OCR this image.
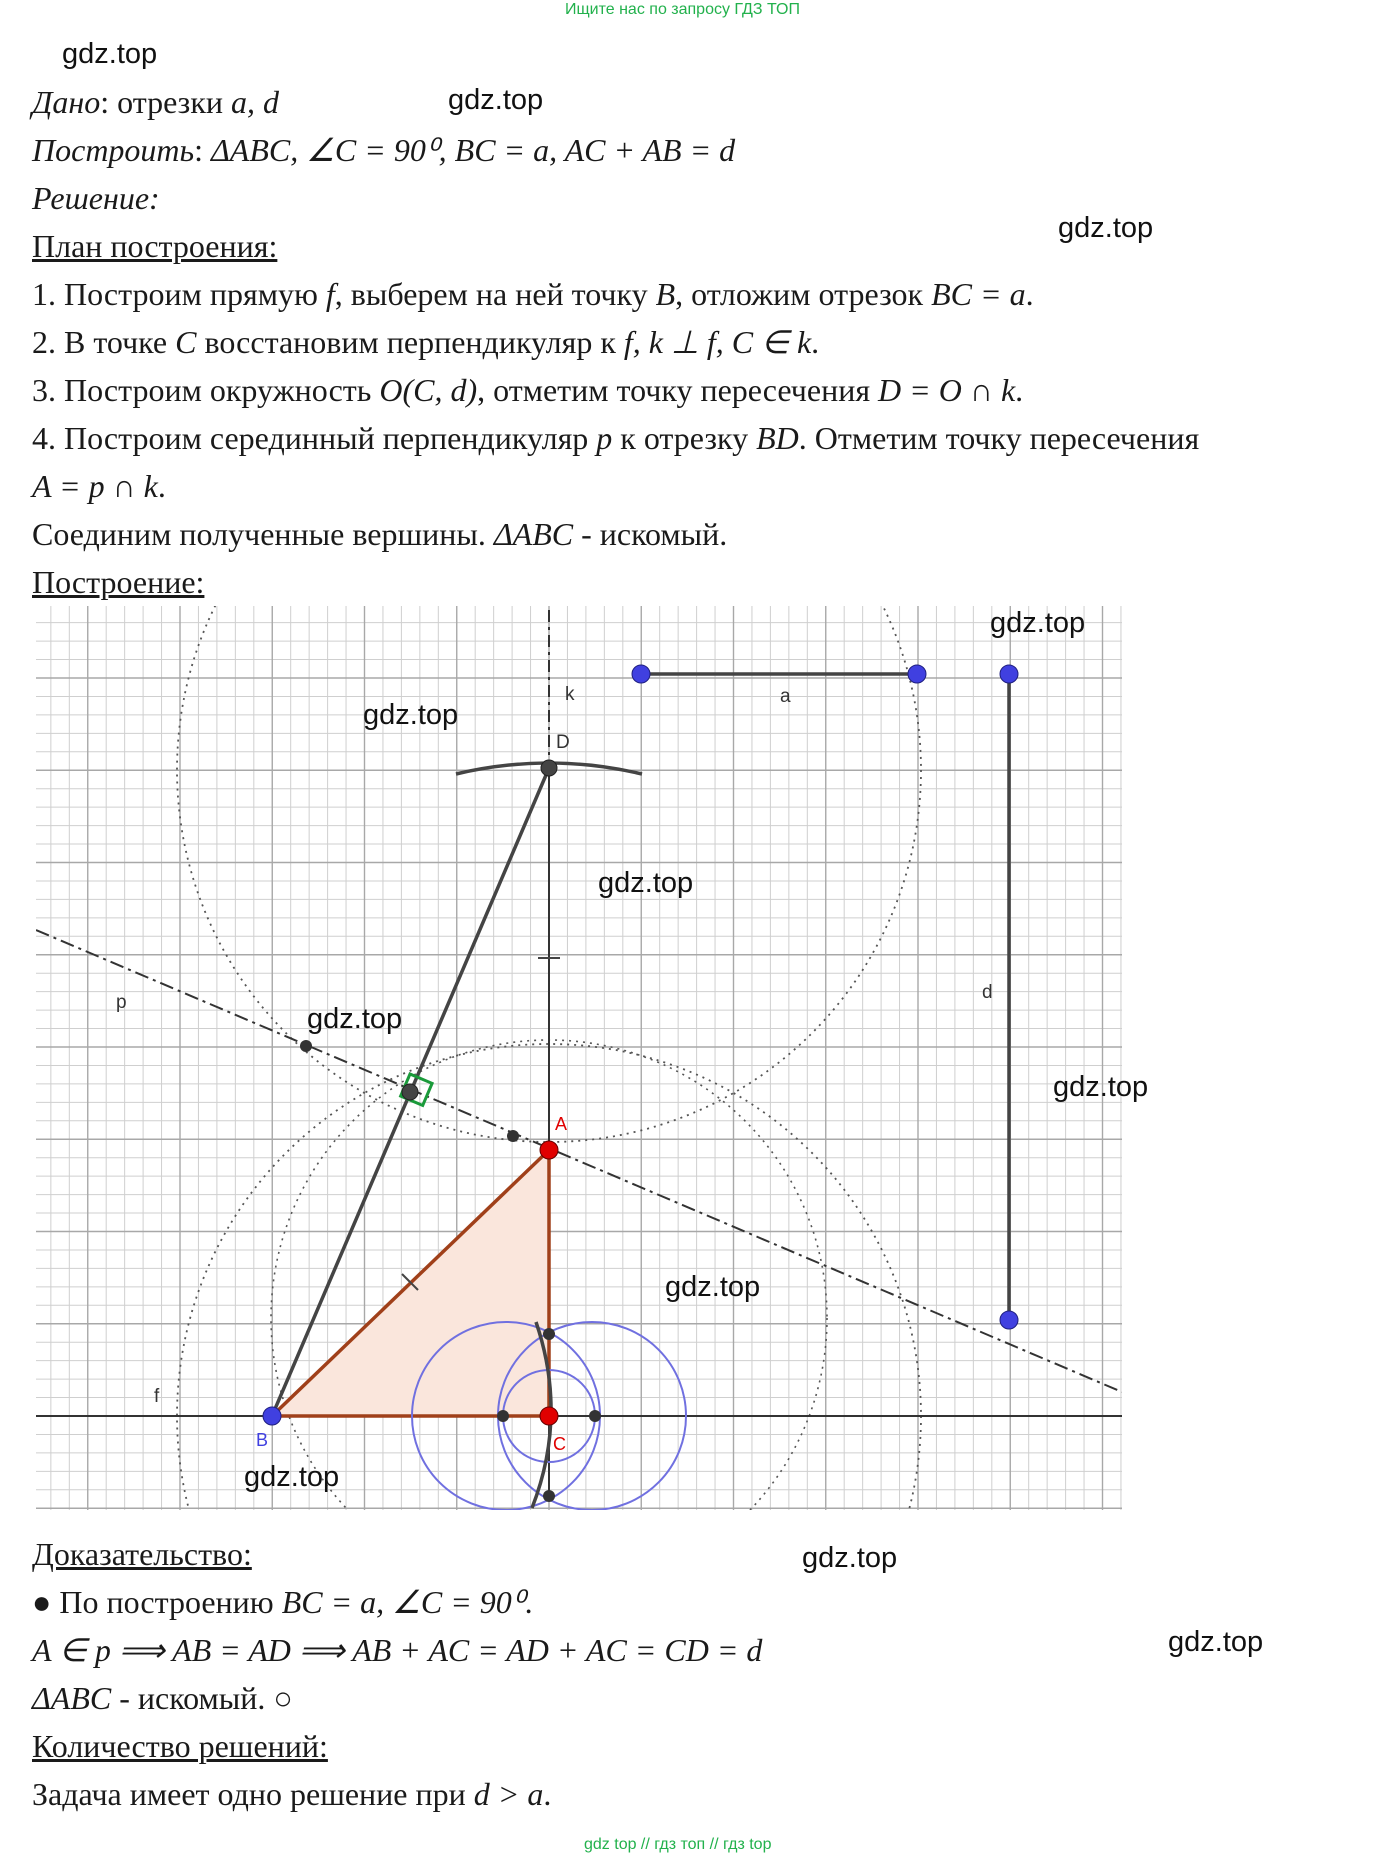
Ищите нас по запросу ГДЗ ТОП
gdz.top
gdz.top
gdz.top
Дано: отрезки a, d
Построить: ΔABC, ∠C = 90⁰, BC = a, AC + AB = d
Решение:
План построения:
1. Построим прямую f, выберем на ней точку B, отложим отрезок BC = a.
2. В точке C восстановим перпендикуляр к f, k ⊥ f, C ∈ k.
3. Построим окружность O(C, d), отметим точку пересечения D = O ∩ k.
4. Построим серединный перпендикуляр p к отрезку BD. Отметим точку пересечения
A = p ∩ k.
Соединим полученные вершины. ΔABC - искомый.
Построение:
k	a
d
D
p
A
f
B	C
gdz.top
gdz.top
gdz.top
gdz.top
gdz.top
gdz.top
gdz.top
Доказательство:	gdz.top
● По построению BC = a, ∠C = 90⁰.
A ∈ p ⟹ AB = AD ⟹ AB + AC = AD + AC = CD = d	gdz.top
ΔABC - искомый. ○
Количество решений:
Задача имеет одно решение при d > a.
gdz top // гдз топ // гдз top
